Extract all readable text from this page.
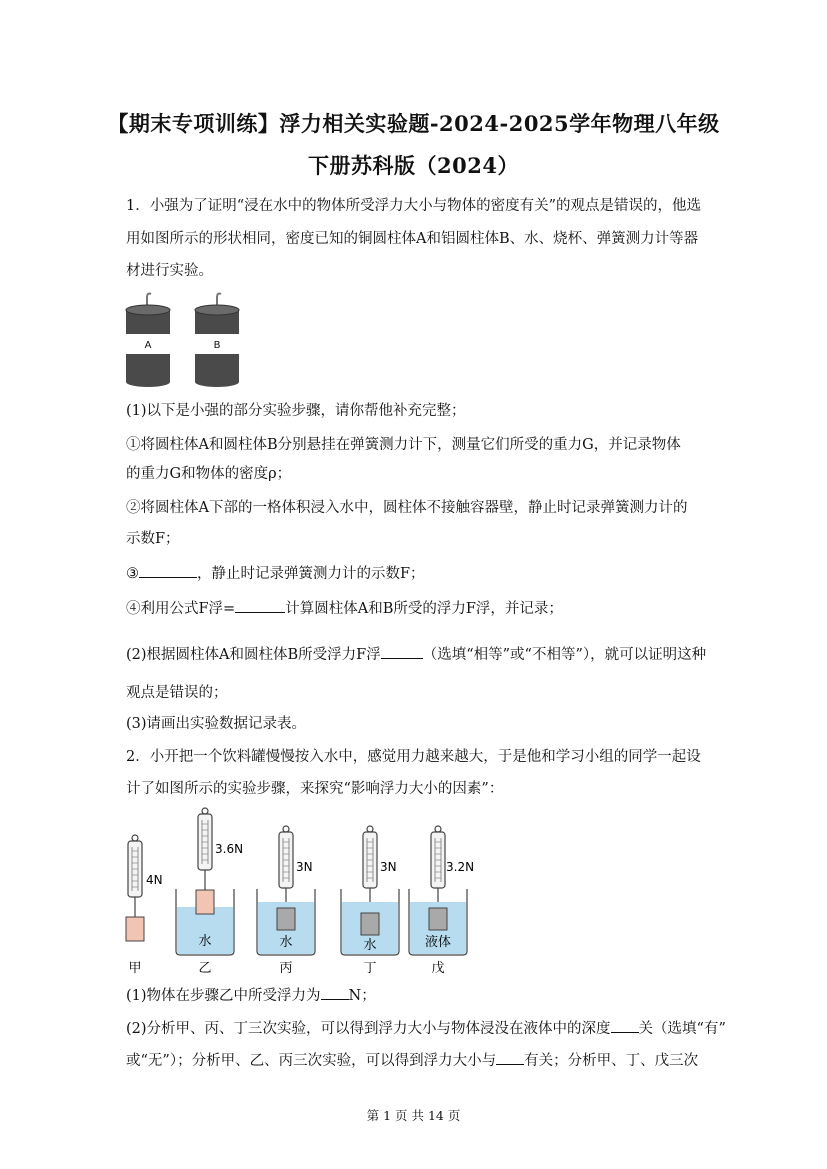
【期末专项训练】浮力相关实验题-2024-2025学年物理八年级
下册苏科版（2024）
1．小强为了证明“浸在水中的物体所受浮力大小与物体的密度有关”的观点是错误的，他选
用如图所示的形状相同，密度已知的铜圆柱体A和铝圆柱体B、水、烧杯、弹簧测力计等器
材进行实验。
A	B
(1)以下是小强的部分实验步骤，请你帮他补充完整；
①将圆柱体A和圆柱体B分别悬挂在弹簧测力计下，测量它们所受的重力G，并记录物体
的重力G和物体的密度ρ；
②将圆柱体A下部的一格体积浸入水中，圆柱体不接触容器壁，静止时记录弹簧测力计的
示数F；
③	，静止时记录弹簧测力计的示数F；
④利用公式F浮=	计算圆柱体A和B所受的浮力F浮，并记录；
(2)根据圆柱体A和圆柱体B所受浮力F浮	（选填“相等”或“不相等”），就可以证明这种
观点是错误的；
(3)请画出实验数据记录表。
2．小开把一个饮料罐慢慢按入水中，感觉用力越来越大，于是他和学习小组的同学一起设
计了如图所示的实验步骤，来探究“影响浮力大小的因素”：
4N
甲
3.6N
水
乙
3N
水
丙
3N
水
丁
3.2N
液体
戊
(1)物体在步骤乙中所受浮力为 N；
(2)分析甲、丙、丁三次实验，可以得到浮力大小与物体浸没在液体中的深度 关（选填“有”
或“无”）；分析甲、乙、丙三次实验，可以得到浮力大小与 有关；分析甲、丁、戊三次
第 1 页 共 14 页
